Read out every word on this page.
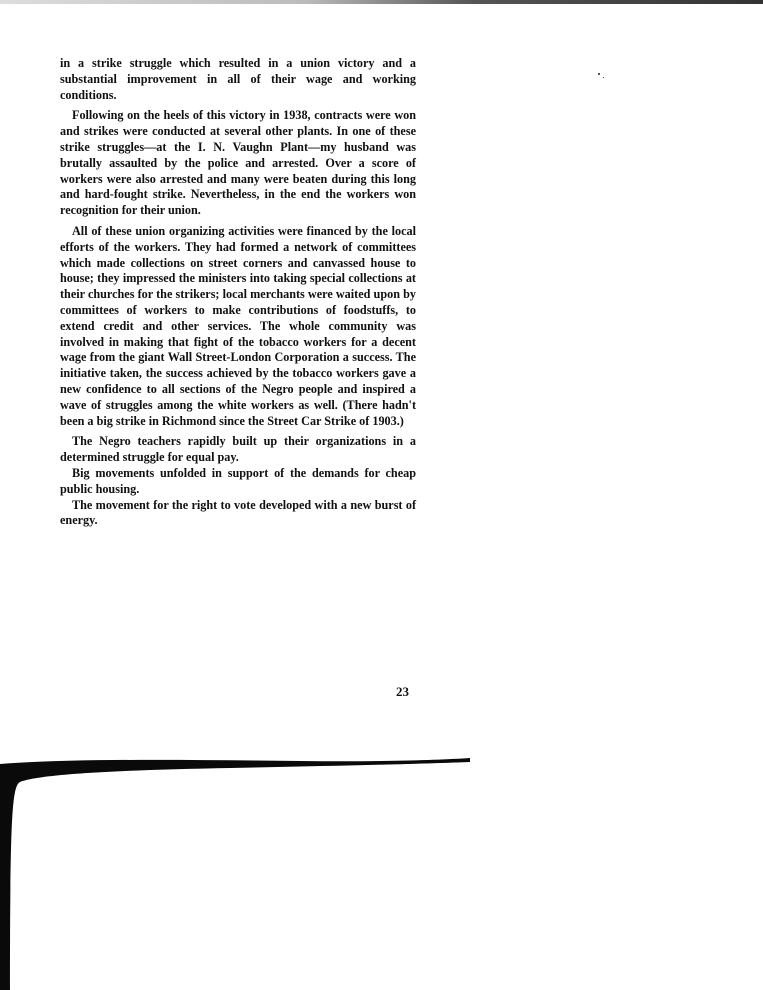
in a strike struggle which resulted in a union victory and a substantial improvement in all of their wage and working conditions.

Following on the heels of this victory in 1938, contracts were won and strikes were conducted at several other plants. In one of these strike struggles—at the I. N. Vaughn Plant—my husband was brutally assaulted by the police and arrested. Over a score of workers were also arrested and many were beaten during this long and hard-fought strike. Nevertheless, in the end the workers won recognition for their union.

All of these union organizing activities were financed by the local efforts of the workers. They had formed a network of committees which made collections on street corners and canvassed house to house; they impressed the ministers into taking special collections at their churches for the strikers; local merchants were waited upon by committees of workers to make contributions of foodstuffs, to extend credit and other services. The whole community was involved in making that fight of the tobacco workers for a decent wage from the giant Wall Street-London Corporation a success. The initiative taken, the success achieved by the tobacco workers gave a new confidence to all sections of the Negro people and inspired a wave of struggles among the white workers as well. (There hadn't been a big strike in Richmond since the Street Car Strike of 1903.)

The Negro teachers rapidly built up their organizations in a determined struggle for equal pay.

Big movements unfolded in support of the demands for cheap public housing.

The movement for the right to vote developed with a new burst of energy.

23
